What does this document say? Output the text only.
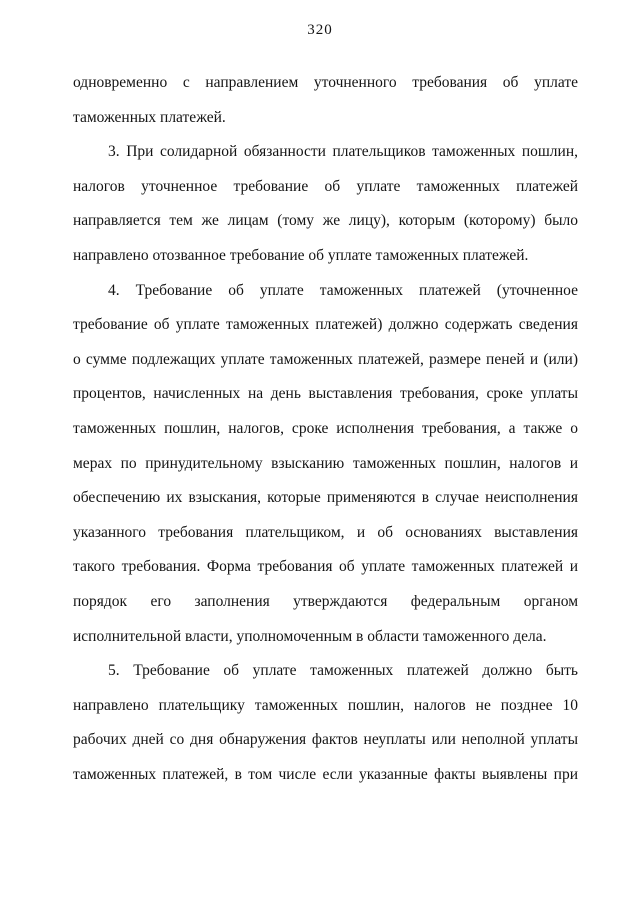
320
одновременно с направлением уточненного требования об уплате
таможенных платежей.
3. При солидарной обязанности плательщиков таможенных пошлин,
налогов уточненное требование об уплате таможенных платежей
направляется тем же лицам (тому же лицу), которым (которому) было
направлено отозванное требование об уплате таможенных платежей.
4. Требование об уплате таможенных платежей (уточненное
требование об уплате таможенных платежей) должно содержать сведения
о сумме подлежащих уплате таможенных платежей, размере пеней и (или)
процентов, начисленных на день выставления требования, сроке уплаты
таможенных пошлин, налогов, сроке исполнения требования, а также о
мерах по принудительному взысканию таможенных пошлин, налогов и
обеспечению их взыскания, которые применяются в случае неисполнения
указанного требования плательщиком, и об основаниях выставления
такого требования. Форма требования об уплате таможенных платежей и
порядок его заполнения утверждаются федеральным органом
исполнительной власти, уполномоченным в области таможенного дела.
5. Требование об уплате таможенных платежей должно быть
направлено плательщику таможенных пошлин, налогов не позднее 10
рабочих дней со дня обнаружения фактов неуплаты или неполной уплаты
таможенных платежей, в том числе если указанные факты выявлены при
